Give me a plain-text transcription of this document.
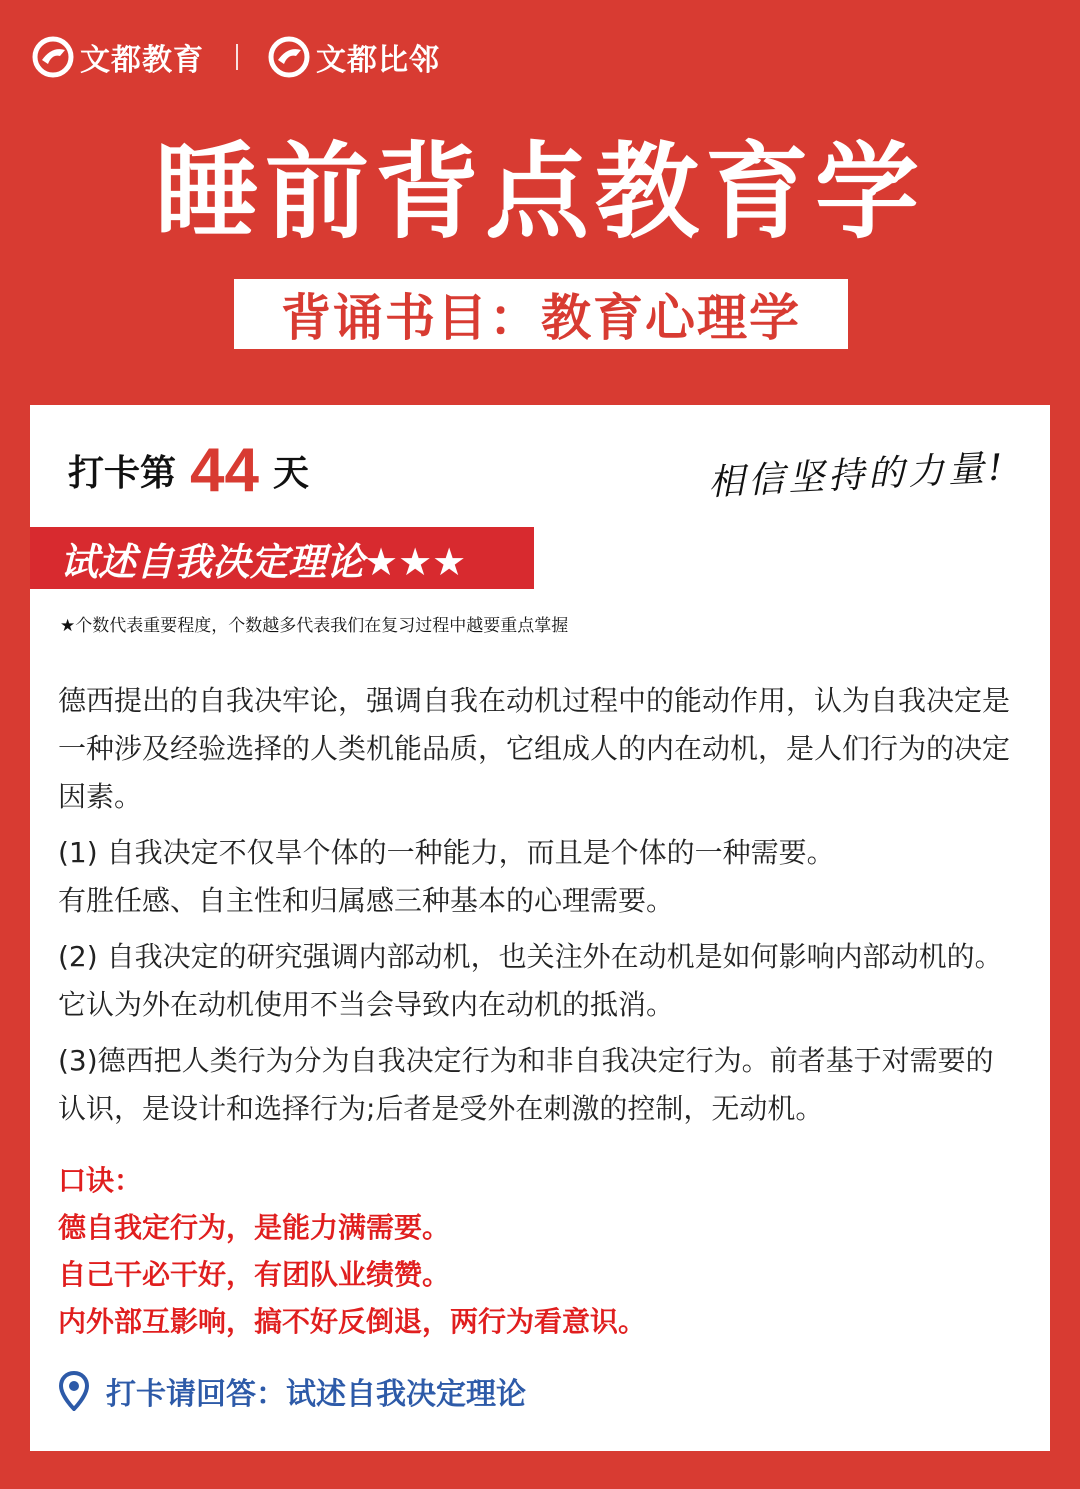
文都教育	文都比邻
睡前背点教育学
背诵书目：教育心理学
打卡第 44 天	相信坚持的力量!
试述自我决定理论★★★
★个数代表重要程度，个数越多代表我们在复习过程中越要重点掌握

德西提出的自我决牢论，强调自我在动机过程中的能动作用，认为自我决定是一种涉及经验选择的人类机能品质，它组成人的内在动机，是人们行为的决定因素。

(1) 自我决定不仅旱个体的一种能力，而且是个体的一种需要。
有胜任感、自主性和归属感三种基本的心理需要。

(2) 自我决定的研究强调内部动机，也关注外在动机是如何影响内部动机的。它认为外在动机使用不当会导致内在动机的抵消。

(3)德西把人类行为分为自我决定行为和非自我决定行为。前者基于对需要的认识，是设计和选择行为;后者是受外在刺激的控制，无动机。

口诀：
德自我定行为，是能力满需要。
自己干必干好，有团队业绩赞。
内外部互影响，搞不好反倒退，两行为看意识。
打卡请回答：试述自我决定理论
